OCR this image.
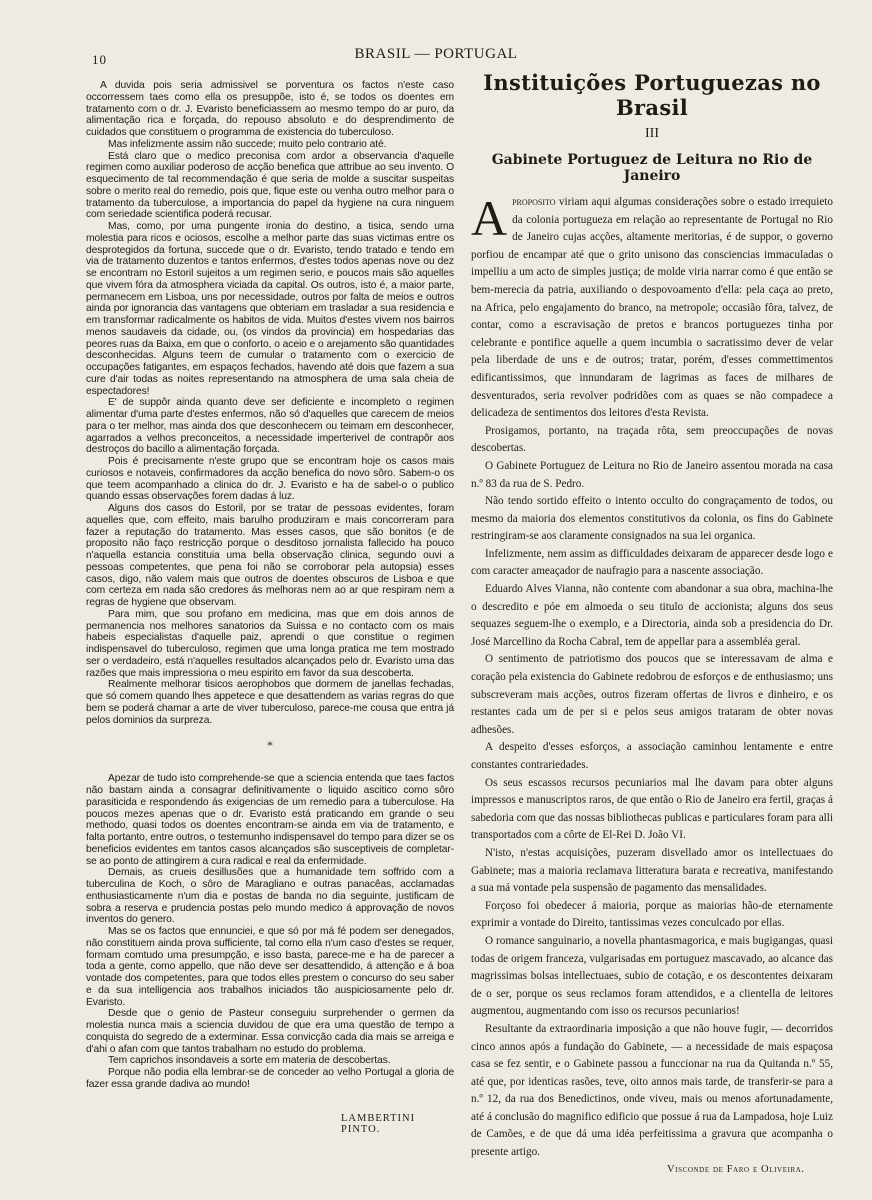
10	BRASIL — PORTUGAL

A duvida pois seria admissivel se porventura os factos n'este caso occorressem taes como ella os presuppõe, isto é, se todos os doentes em tratamento com o dr. J. Evaristo beneficiassem ao mesmo tempo do ar puro, da alimentação rica e forçada, do repouso absoluto e do desprendimento de cuidados que constituem o programma de existencia do tuberculoso.

Mas infelizmente assim não succede; muito pelo contrario até.

Está claro que o medico preconisa com ardor a observancia d'aquelle regimen como auxiliar poderoso de acção benefica que attribue ao seu invento. O esquecimento de tal recommendação é que seria de molde a suscitar suspeitas sobre o merito real do remedio, pois que, fique este ou venha outro melhor para o tratamento da tuberculose, a importancia do papel da hygiene na cura ninguem com seriedade scientifica poderá recusar.

Mas, como, por uma pungente ironia do destino, a tisica, sendo uma molestia para ricos e ociosos, escolhe a melhor parte das suas victimas entre os desprotegidos da fortuna, succede que o dr. Evaristo, tendo tratado e tendo em via de tratamento duzentos e tantos enfermos, d'estes todos apenas nove ou dez se encontram no Estoril sujeitos a um regimen serio, e poucos mais são aquelles que vivem fóra da atmosphera viciada da capital. Os outros, isto é, a maior parte, permanecem em Lisboa, uns por necessidade, outros por falta de meios e outros ainda por ignorancia das vantagens que obteriam em trasladar a sua residencia e em transformar radicalmente os habitos de vida. Muitos d'estes vivem nos bairros menos saudaveis da cidade, ou, (os vindos da provincia) em hospedarias das peores ruas da Baixa, em que o conforto, o aceio e o arejamento são quantidades desconhecidas. Alguns teem de cumular o tratamento com o exercicio de occupações fatigantes, em espaços fechados, havendo até dois que fazem a sua cure d'air todas as noites representando na atmosphera de uma sala cheia de espectadores!

E' de suppôr ainda quanto deve ser deficiente e incompleto o regimen alimentar d'uma parte d'estes enfermos, não só d'aquelles que carecem de meios para o ter melhor, mas ainda dos que desconhecem ou teimam em desconhecer, agarrados a velhos preconceitos, a necessidade imperterivel de contrapôr aos destroços do bacillo a alimentação forçada.

Pois é precisamente n'este grupo que se encontram hoje os casos mais curiosos e notaveis, confirmadores da acção benefica do novo sôro. Sabem-o os que teem acompanhado a clinica do dr. J. Evaristo e ha de sabel-o o publico quando essas observações forem dadas á luz.

Alguns dos casos do Estoril, por se tratar de pessoas evidentes, foram aquelles que, com effeito, mais barulho produziram e mais concorreram para fazer a reputação do tratamento. Mas esses casos, que são bonitos (e de proposito não faço restricção porque o desditoso jornalista fallecido ha pouco n'aquella estancia constituia uma bella observação clinica, segundo ouvi a pessoas competentes, que pena foi não se corroborar pela autopsia) esses casos, digo, não valem mais que outros de doentes obscuros de Lisboa e que com certeza em nada são credores ás melhoras nem ao ar que respiram nem a regras de hygiene que observam.

Para mim, que sou profano em medicina, mas que em dois annos de permanencia nos melhores sanatorios da Suissa e no contacto com os mais habeis especialistas d'aquelle paiz, aprendi o que constitue o regimen indispensavel do tuberculoso, regimen que uma longa pratica me tem mostrado ser o verdadeiro, está n'aquelles resultados alcançados pelo dr. Evaristo uma das razões que mais impressiona o meu espirito em favor da sua descoberta.

Realmente melhorar tisicos aerophobos que dormem de janellas fechadas, que só comem quando lhes appetece e que desattendem as varias regras do que bem se poderá chamar a arte de viver tuberculoso, parece-me cousa que entra já pelos dominios da surpreza.

*

Apezar de tudo isto comprehende-se que a sciencia entenda que taes factos não bastam ainda a consagrar definitivamente o liquido ascitico como sôro parasiticida e respondendo ás exigencias de um remedio para a tuberculose. Ha poucos mezes apenas que o dr. Evaristo está praticando em grande o seu methodo, quasi todos os doentes encontram-se ainda em via de tratamento, e falta portanto, entre outros, o testemunho indispensavel do tempo para dizer se os beneficios evidentes em tantos casos alcançados são susceptiveis de completar-se ao ponto de attingirem a cura radical e real da enfermidade.

Demais, as crueis desillusões que a humanidade tem soffrido com a tuberculina de Koch, o sôro de Maragliano e outras panacêas, acclamadas enthusiasticamente n'um dia e postas de banda no dia seguinte, justificam de sobra a reserva e prudencia postas pelo mundo medico á approvação de novos inventos do genero.

Mas se os factos que ennunciei, e que só por má fé podem ser denegados, não constituem ainda prova sufficiente, tal como ella n'um caso d'estes se requer, formam comtudo uma presumpção, e isso basta, parece-me e ha de parecer a toda a gente, como appello, que não deve ser desattendido, á attenção e á boa vontade dos competentes, para que todos elles prestem o concurso do seu saber e da sua intelligencia aos trabalhos iniciados tão auspiciosamente pelo dr. Evaristo.

Desde que o genio de Pasteur conseguiu surprehender o germen da molestia nunca mais a sciencia duvidou de que era uma questão de tempo a conquista do segredo de a exterminar. Essa convicção cada dia mais se arreiga e d'ahi o afan com que tantos trabalham no estudo do problema.

Tem caprichos insondaveis a sorte em materia de descobertas.

Porque não podia ella lembrar-se de conceder ao velho Portugal a gloria de fazer essa grande dadiva ao mundo!

LAMBERTINI PINTO.
Instituições Portuguezas no Brasil
III
Gabinete Portuguez de Leitura no Rio de Janeiro

Aproposito viriam aqui algumas considerações sobre o estado irrequieto da colonia portugueza em relação ao representante de Portugal no Rio de Janeiro cujas acções, altamente meritorias, é de suppor, o governo porfiou de encampar até que o grito unisono das consciencias immaculadas o impelliu a um acto de simples justiça; de molde viria narrar como é que então se bem-merecia da patria, auxiliando o despovoamento d'ella: pela caça ao preto, na Africa, pelo engajamento do branco, na metropole; occasião fôra, talvez, de contar, como a escravisação de pretos e brancos portuguezes tinha por celebrante e pontifice aquelle a quem incumbia o sacratissimo dever de velar pela liberdade de uns e de outros; tratar, porém, d'esses commettimentos edificantissimos, que innundaram de lagrimas as faces de milhares de desventurados, seria revolver podridões com as quaes se não compadece a delicadeza de sentimentos dos leitores d'esta Revista.

Prosigamos, portanto, na traçada rôta, sem preoccupações de novas descobertas.

O Gabinete Portuguez de Leitura no Rio de Janeiro assentou morada na casa n.º 83 da rua de S. Pedro.

Não tendo sortido effeito o intento occulto do congraçamento de todos, ou mesmo da maioria dos elementos constitutivos da colonia, os fins do Gabinete restringiram-se aos claramente consignados na sua lei organica.

Infelizmente, nem assim as difficuldades deixaram de apparecer desde logo e com caracter ameaçador de naufragio para a nascente associação.

Eduardo Alves Vianna, não contente com abandonar a sua obra, machina-lhe o descredito e póe em almoeda o seu titulo de accionista; alguns dos seus sequazes seguem-lhe o exemplo, e a Directoria, ainda sob a presidencia do Dr. José Marcellino da Rocha Cabral, tem de appellar para a assembléa geral.

O sentimento de patriotismo dos poucos que se interessavam de alma e coração pela existencia do Gabinete redobrou de esforços e de enthusiasmo; uns subscreveram mais acções, outros fizeram offertas de livros e dinheiro, e os restantes cada um de per si e pelos seus amigos trataram de obter novas adhesões.

A despeito d'esses esforços, a associação caminhou lentamente e entre constantes contrariedades.

Os seus escassos recursos pecuniarios mal lhe davam para obter alguns impressos e manuscriptos raros, de que então o Rio de Janeiro era fertil, graças á sabedoria com que das nossas bibliothecas publicas e particulares foram para alli transportados com a côrte de El-Rei D. João VI.

N'isto, n'estas acquisições, puzeram disvellado amor os intellectuaes do Gabinete; mas a maioria reclamava litteratura barata e recreativa, manifestando a sua má vontade pela suspensão de pagamento das mensalidades.

Forçoso foi obedecer á maioria, porque as maiorias hão-de eternamente exprimir a vontade do Direito, tantissimas vezes conculcado por ellas.

O romance sanguinario, a novella phantasmagorica, e mais bugigangas, quasi todas de origem franceza, vulgarisadas em portuguez mascavado, ao alcance das magrissimas bolsas intellectuaes, subio de cotação, e os descontentes deixaram de o ser, porque os seus reclamos foram attendidos, e a clientella de leitores augmentou, augmentando com isso os recursos pecuniarios!

Resultante da extraordinaria imposição a que não houve fugir, — decorridos cinco annos após a fundação do Gabinete, — a necessidade de mais espaçosa casa se fez sentir, e o Gabinete passou a funccionar na rua da Quitanda n.º 55, até que, por identicas rasões, teve, oito annos mais tarde, de transferir-se para a n.º 12, da rua dos Benedictinos, onde viveu, mais ou menos afortunadamente, até á conclusão do magnifico edificio que possue á rua da Lampadosa, hoje Luiz de Camões, e de que dá uma idéa perfeitissima a gravura que acompanha o presente artigo.

Visconde de Faro e Oliveira.
